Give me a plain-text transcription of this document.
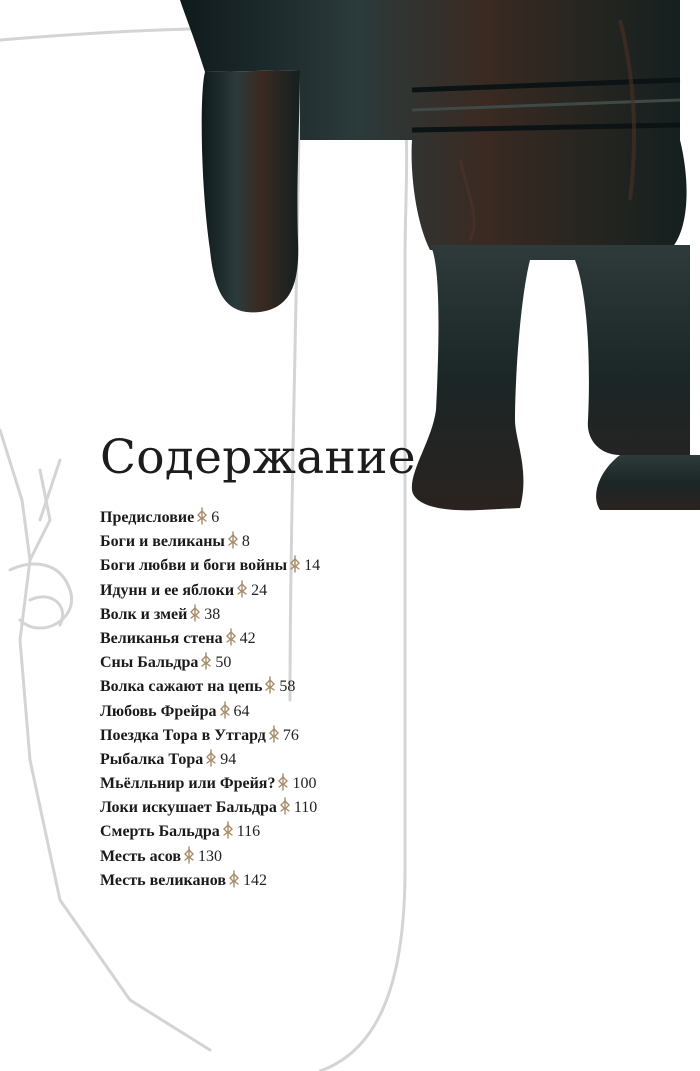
Содержание
Предисловие 6
Боги и великаны 8
Боги любви и боги войны 14
Идунн и ее яблоки 24
Волк и змей 38
Великанья стена 42
Сны Бальдра 50
Волка сажают на цепь 58
Любовь Фрейра 64
Поездка Тора в Утгард 76
Рыбалка Тора 94
Мьёлльнир или Фрейя? 100
Локи искушает Бальдра 110
Смерть Бальдра 116
Месть асов 130
Месть великанов 142
